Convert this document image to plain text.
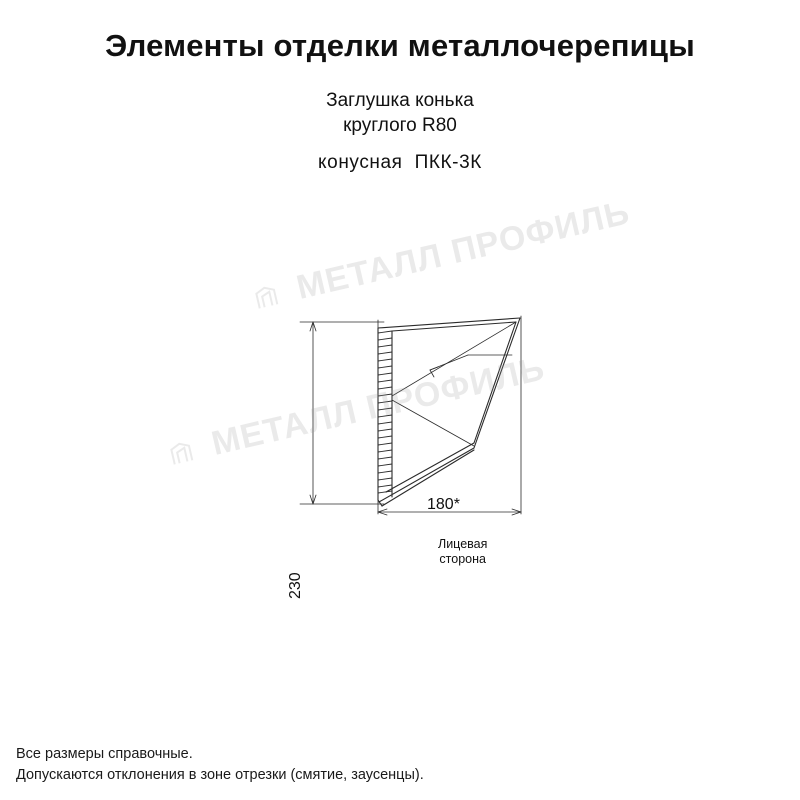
Элементы отделки металлочерепицы
Заглушка конька
круглого R80
конусная ПКК-3К
180*
230
Лицевая
сторона
МЕТАЛЛ ПРОФИЛЬ
МЕТАЛЛ ПРОФИЛЬ
Все размеры справочные.
Допускаются отклонения в зоне отрезки (смятие, заусенцы).
